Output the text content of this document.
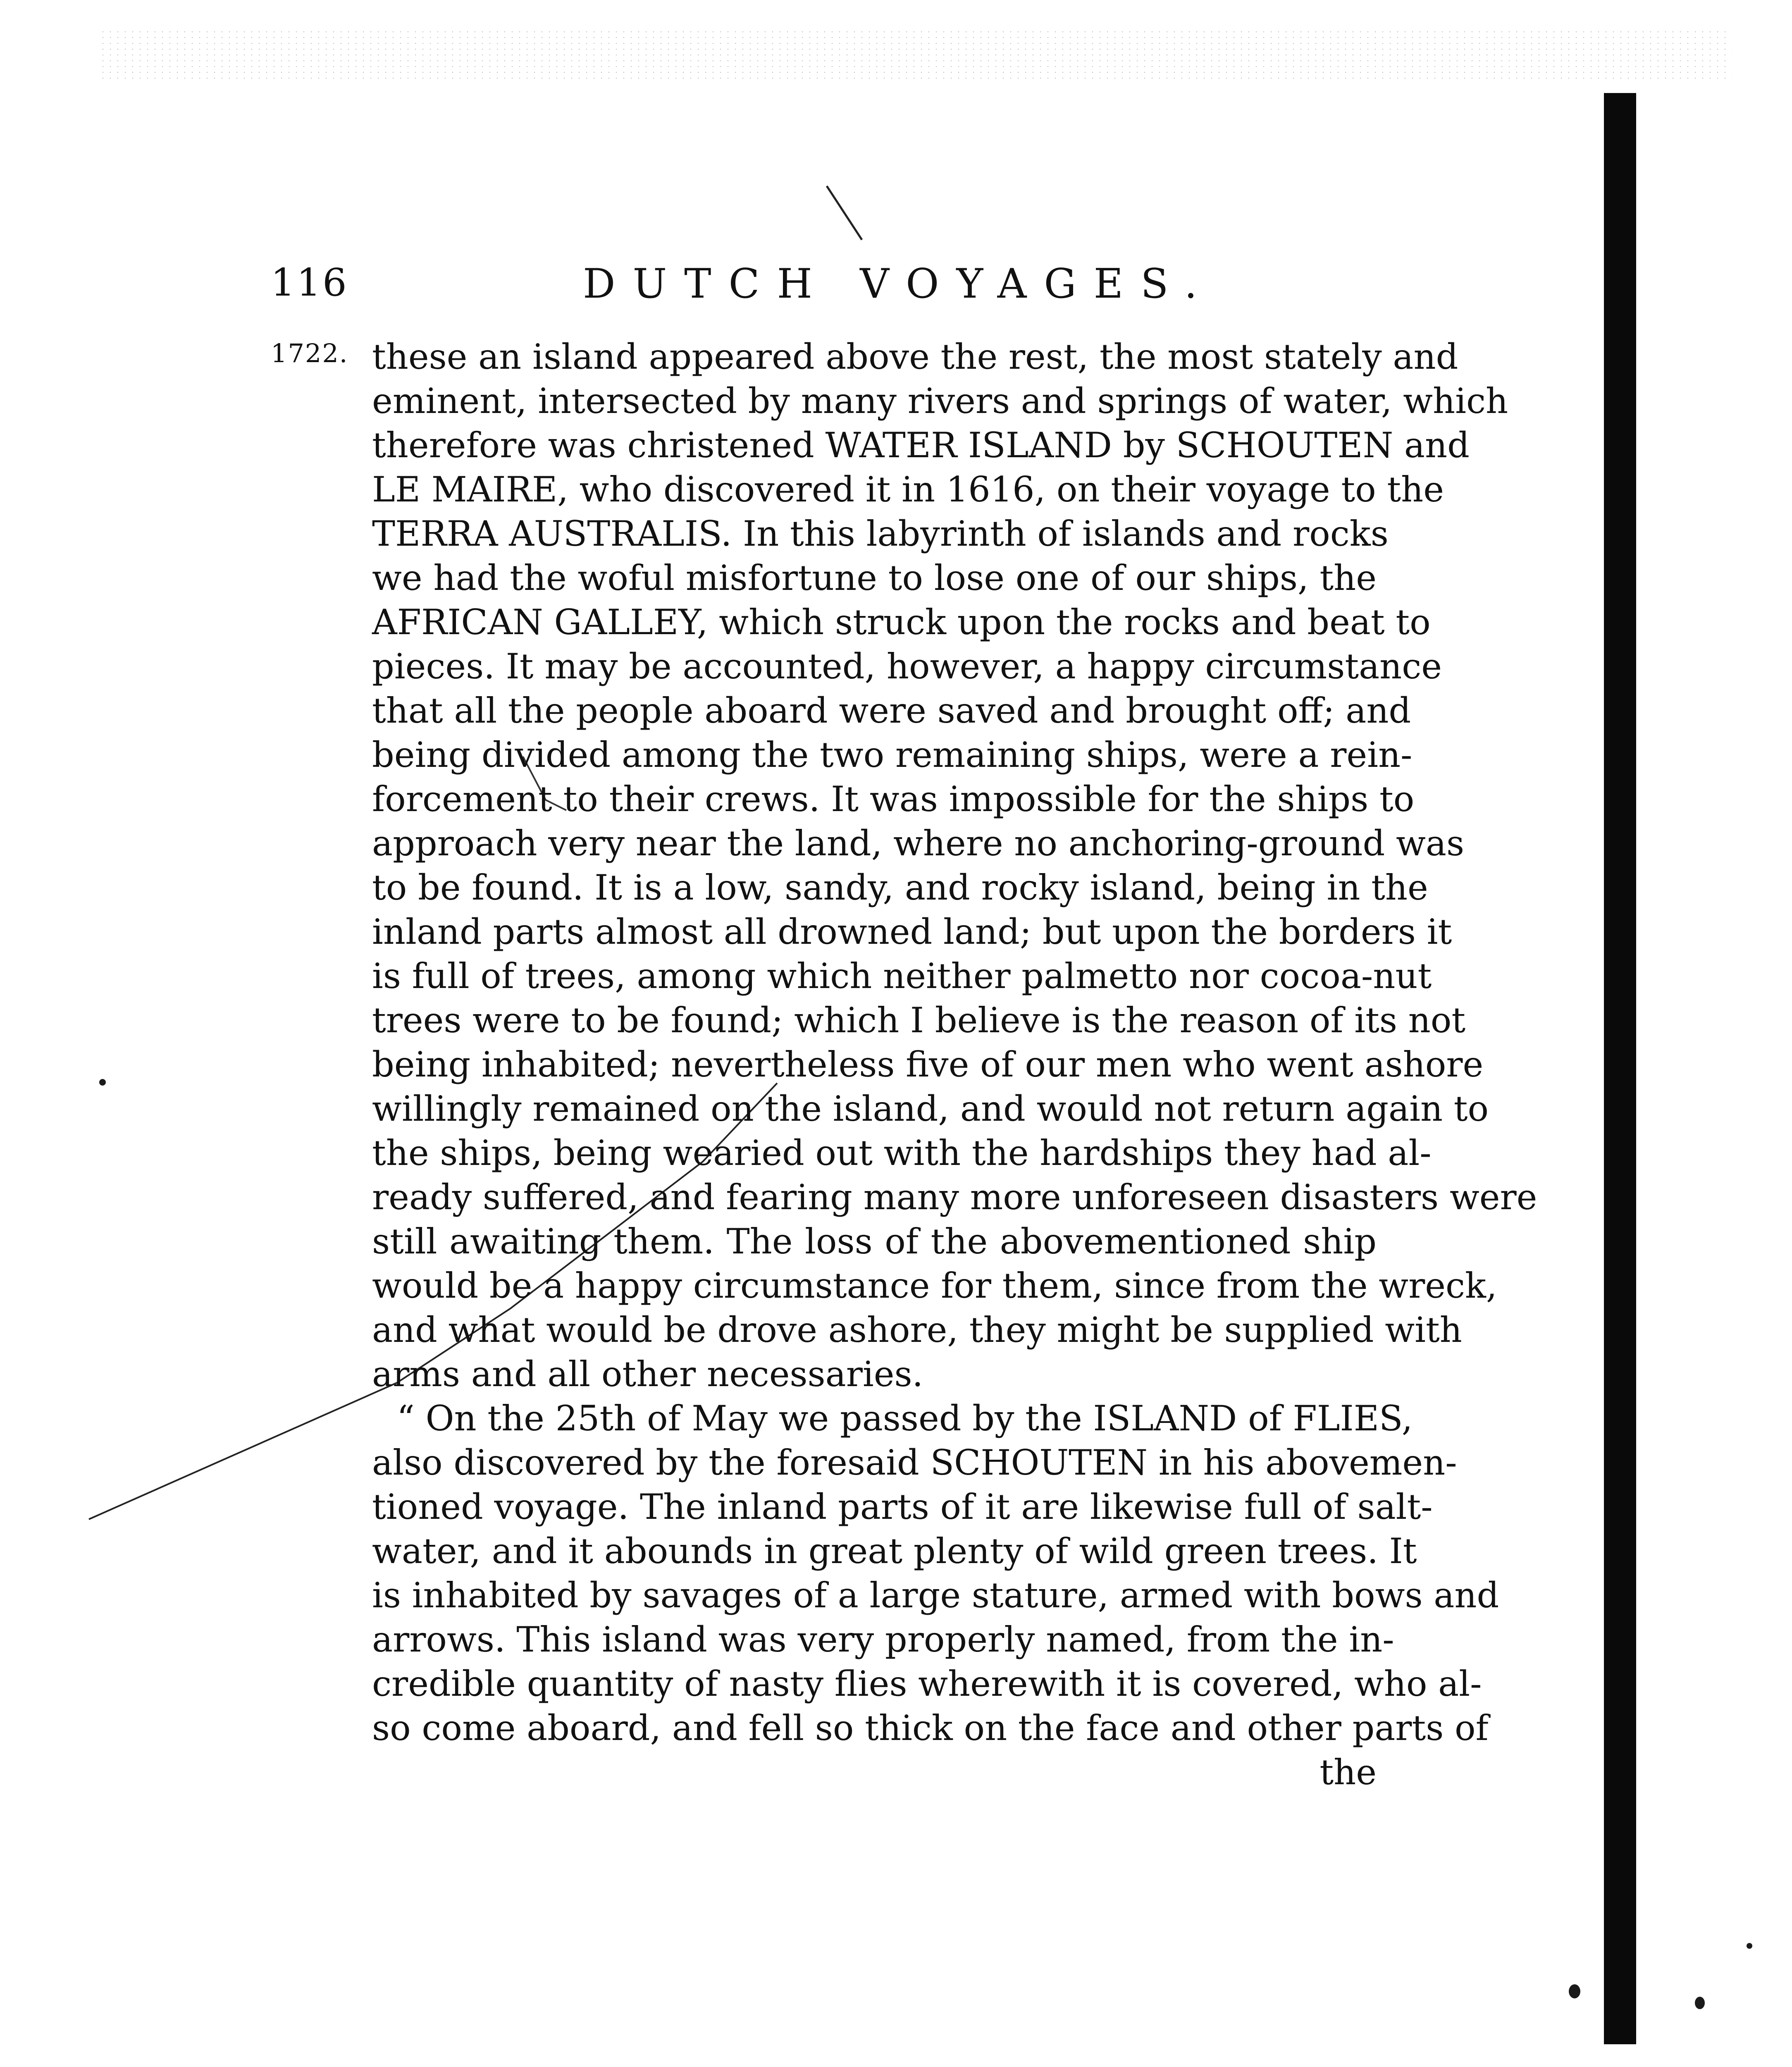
116	DUTCH VOYAGES.
1722. these an island appeared above the rest, the most stately and
eminent, intersected by many rivers and springs of water, which
therefore was christened WATER ISLAND by SCHOUTEN and
LE MAIRE, who discovered it in 1616, on their voyage to the
TERRA AUSTRALIS. In this labyrinth of islands and rocks
we had the woful misfortune to lose one of our ships, the
AFRICAN GALLEY, which struck upon the rocks and beat to
pieces. It may be accounted, however, a happy circumstance
that all the people aboard were saved and brought off; and
being divided among the two remaining ships, were a rein-
forcement to their crews. It was impossible for the ships to
approach very near the land, where no anchoring-ground was
to be found. It is a low, sandy, and rocky island, being in the
inland parts almost all drowned land; but upon the borders it
is full of trees, among which neither palmetto nor cocoa-nut
trees were to be found; which I believe is the reason of its not
being inhabited; nevertheless five of our men who went ashore
willingly remained on the island, and would not return again to
the ships, being wearied out with the hardships they had al-
ready suffered, and fearing many more unforeseen disasters were
still awaiting them. The loss of the abovementioned ship
would be a happy circumstance for them, since from the wreck,
and what would be drove ashore, they might be supplied with
arms and all other necessaries.
“ On the 25th of May we passed by the ISLAND of FLIES,
also discovered by the foresaid SCHOUTEN in his abovemen-
tioned voyage. The inland parts of it are likewise full of salt-
water, and it abounds in great plenty of wild green trees. It
is inhabited by savages of a large stature, armed with bows and
arrows. This island was very properly named, from the in-
credible quantity of nasty flies wherewith it is covered, who al-
so come aboard, and fell so thick on the face and other parts of
the
